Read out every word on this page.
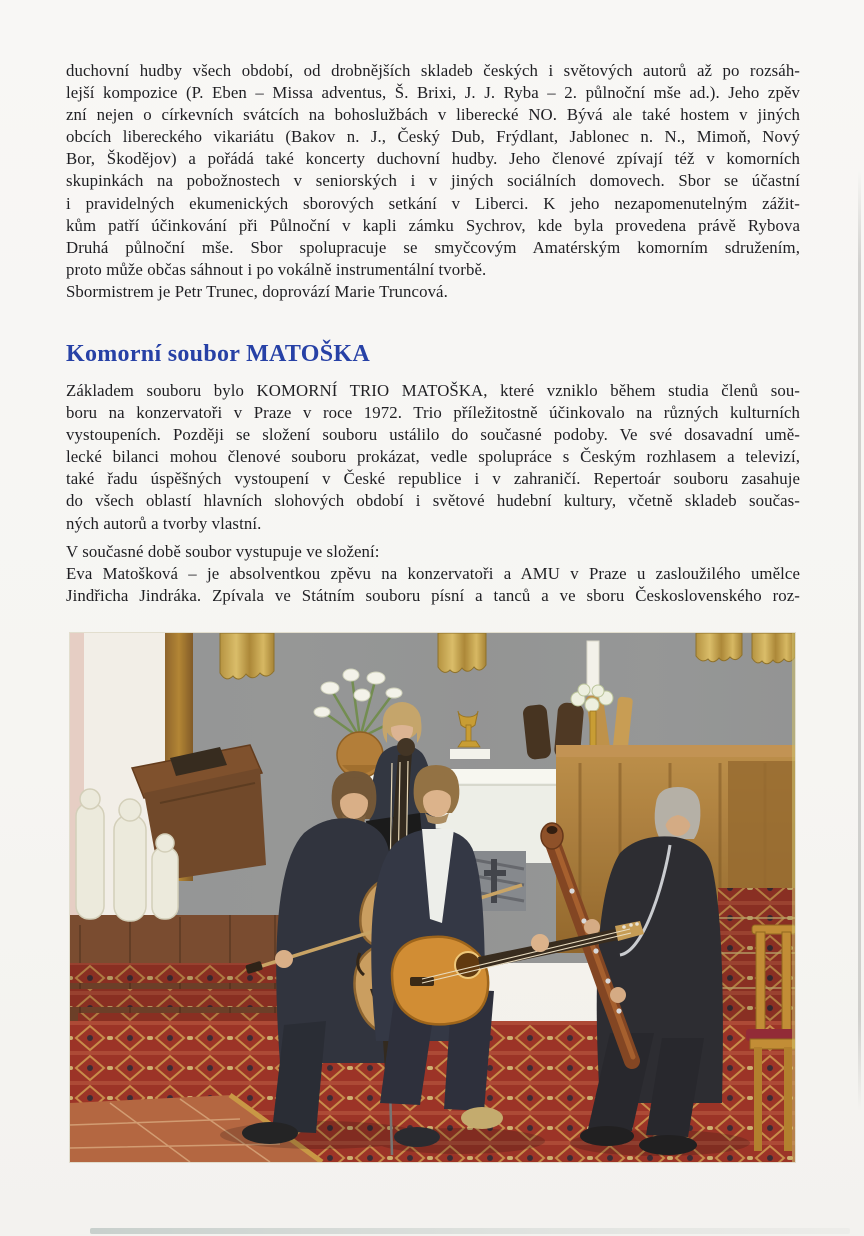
duchovní hudby všech období, od drobnějších skladeb českých i světových autorů až po rozsáh-
lejší kompozice (P. Eben – Missa adventus, Š. Brixi, J. J. Ryba – 2. půlnoční mše ad.). Jeho zpěv
zní nejen o církevních svátcích na bohoslužbách v liberecké NO. Bývá ale také hostem v jiných
obcích libereckého vikariátu (Bakov n. J., Český Dub, Frýdlant, Jablonec n. N., Mimoň, Nový
Bor, Škodějov) a pořádá také koncerty duchovní hudby. Jeho členové zpívají též v komorních
skupinkách na pobožnostech v seniorských i v jiných sociálních domovech. Sbor se účastní
i pravidelných ekumenických sborových setkání v Liberci. K jeho nezapomenutelným zážit-
kům patří účinkování při Půlnoční v kapli zámku Sychrov, kde byla provedena právě Rybova
Druhá půlnoční mše. Sbor spolupracuje se smyčcovým Amatérským komorním sdružením,
proto může občas sáhnout i po vokálně instrumentální tvorbě.
Sbormistrem je Petr Trunec, doprovází Marie Truncová.
Komorní soubor MATOŠKA
Základem souboru bylo KOMORNÍ TRIO MATOŠKA, které vzniklo během studia členů sou-
boru na konzervatoři v Praze v roce 1972. Trio příležitostně účinkovalo na různých kulturních
vystoupeních. Později se složení souboru ustálilo do současné podoby. Ve své dosavadní umě-
lecké bilanci mohou členové souboru prokázat, vedle spolupráce s Českým rozhlasem a televizí,
také řadu úspěšných vystoupení v České republice i v zahraničí. Repertoár souboru zasahuje
do všech oblastí hlavních slohových období i světové hudební kultury, včetně skladeb součas-
ných autorů a tvorby vlastní.
V současné době soubor vystupuje ve složení:
Eva Matošková – je absolventkou zpěvu na konzervatoři a AMU v Praze u zasloužilého umělce
Jindřicha Jindráka. Zpívala ve Státním souboru písní a tanců a ve sboru Československého roz-
